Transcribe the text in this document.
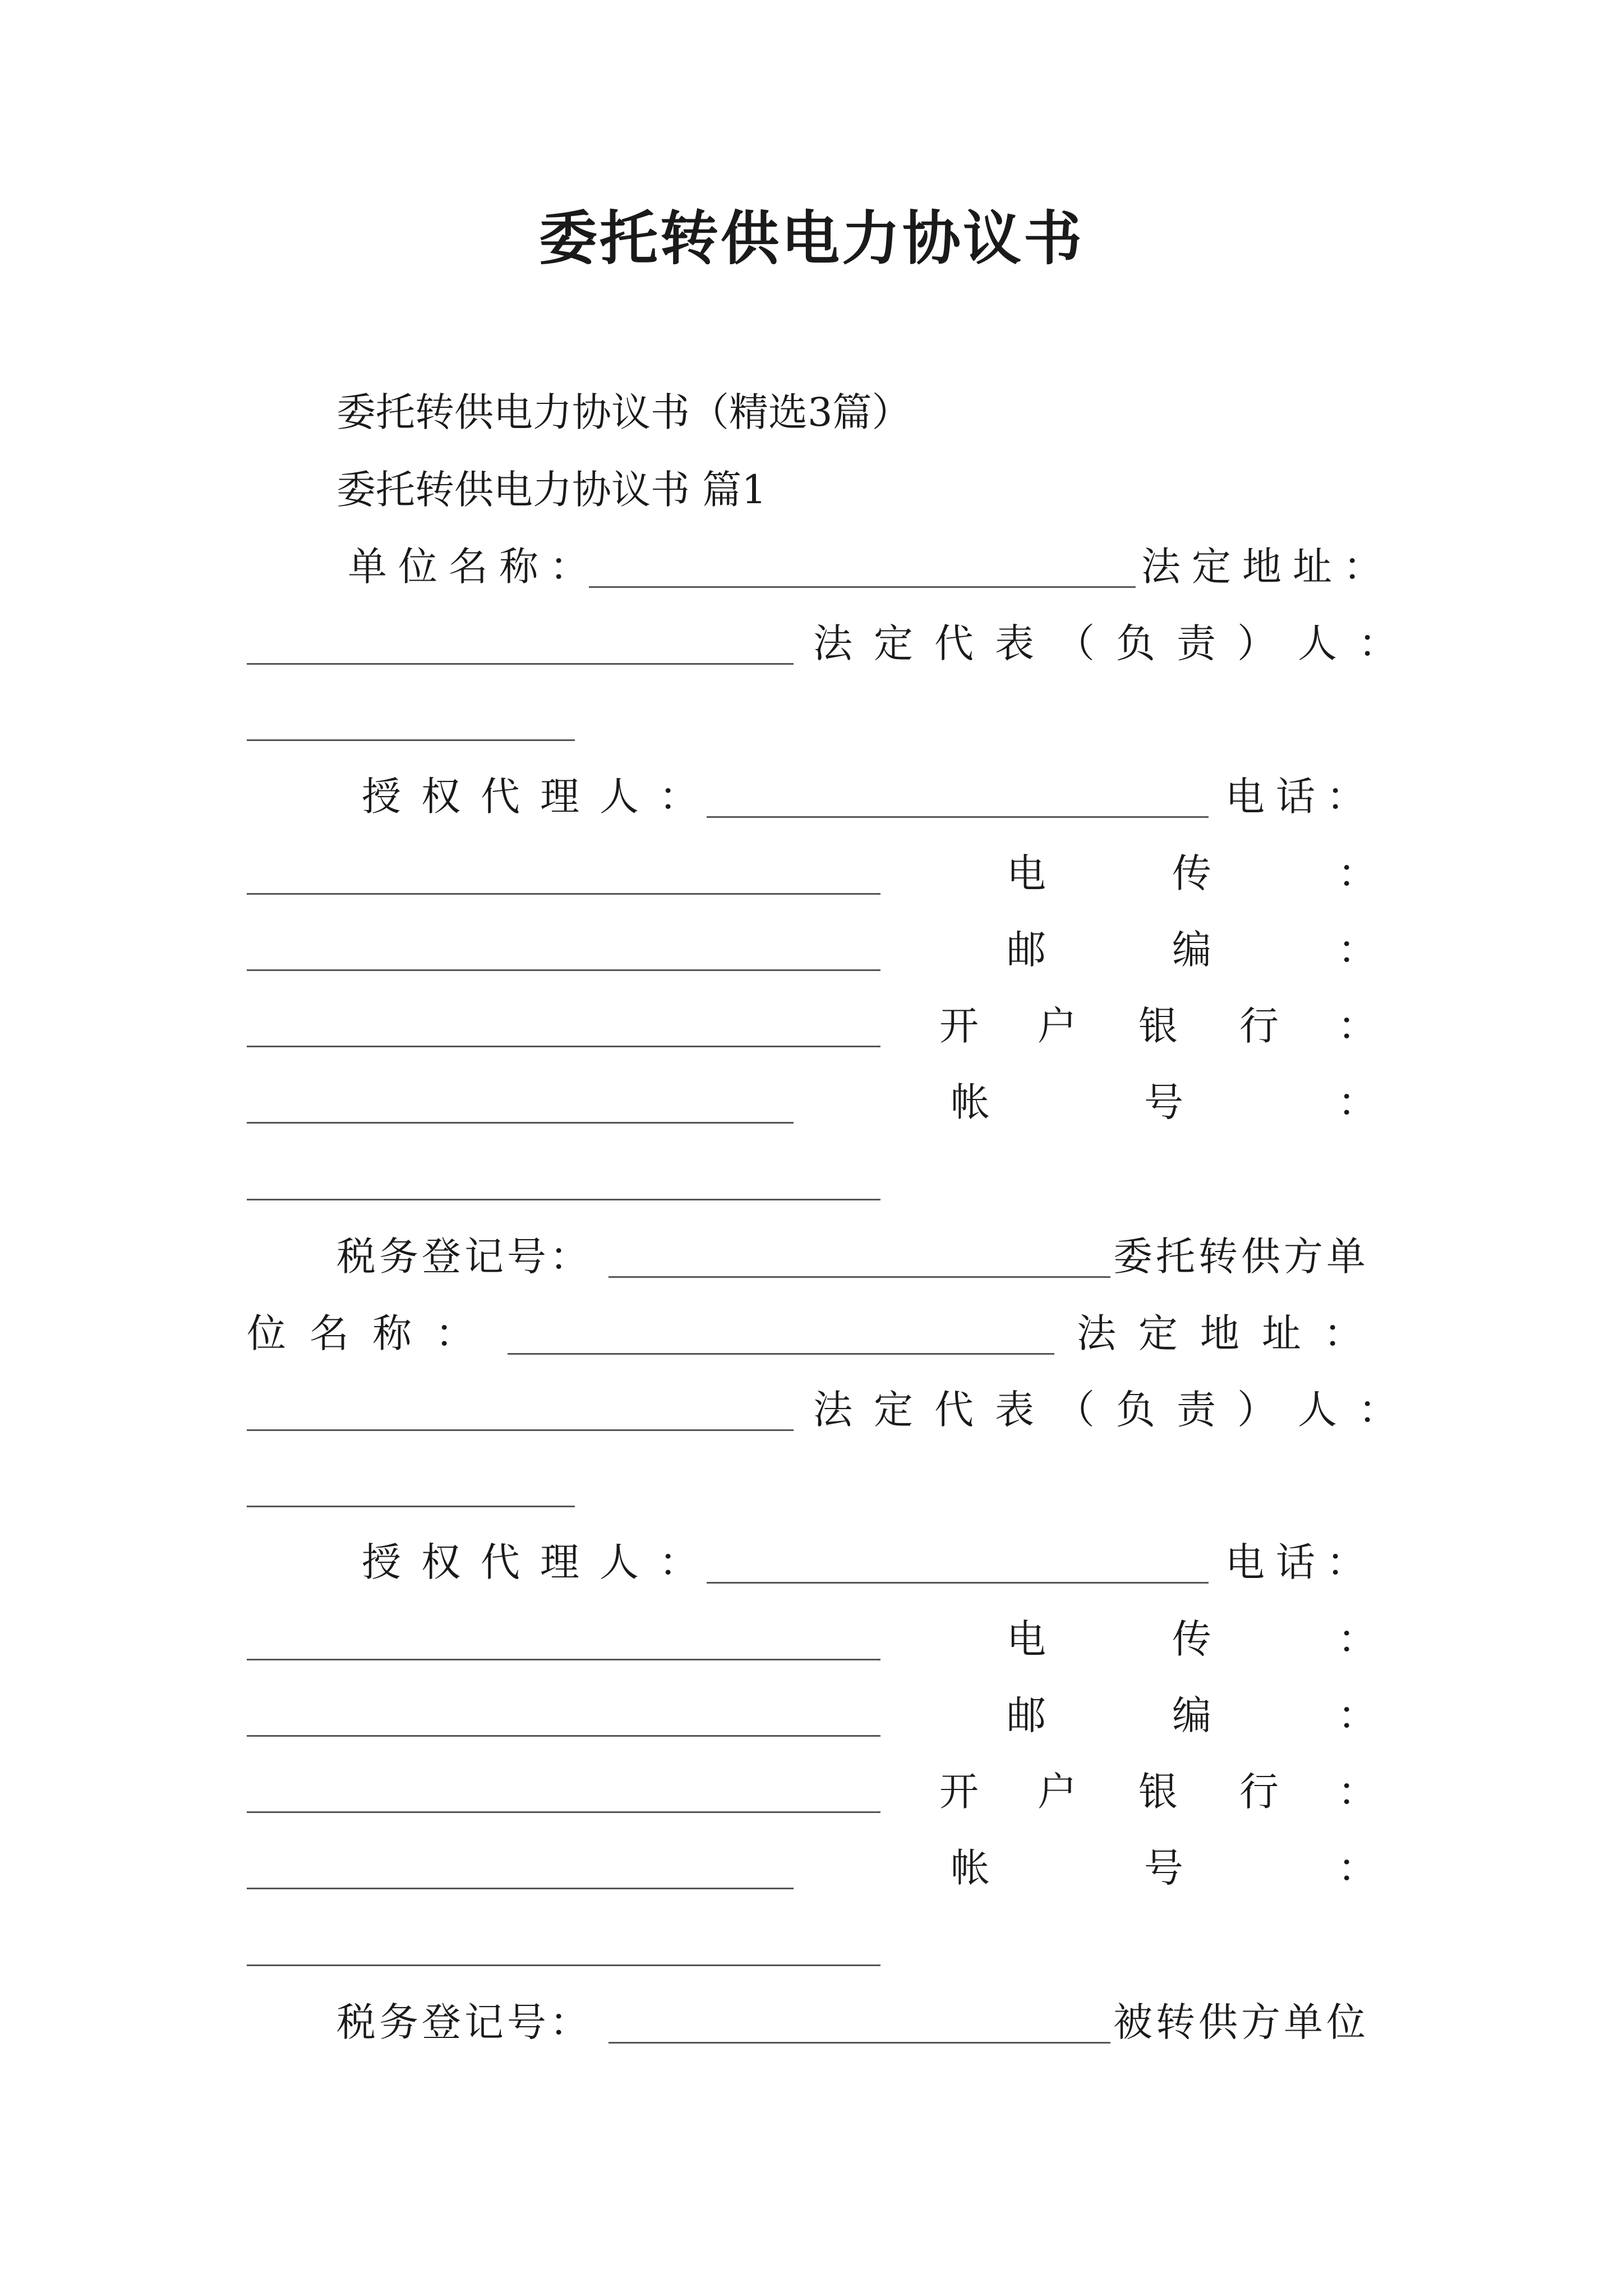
委托转供电力协议书
委托转供电力协议书（精选3篇）
委托转供电力协议书 篇1
单位名称：	法定地址：
法定代表（负责）人：
授权代理人：	电话：
电	传	：
邮	编	：
开 户 银 行 ：
帐	号	：
税务登记号：	委托转供方单
位名称：	法定地址：
法定代表（负责）人：
授权代理人：	电话：
电	传	：
邮	编	：
开 户 银 行 ：
帐	号	：
税务登记号：	被转供方单位
